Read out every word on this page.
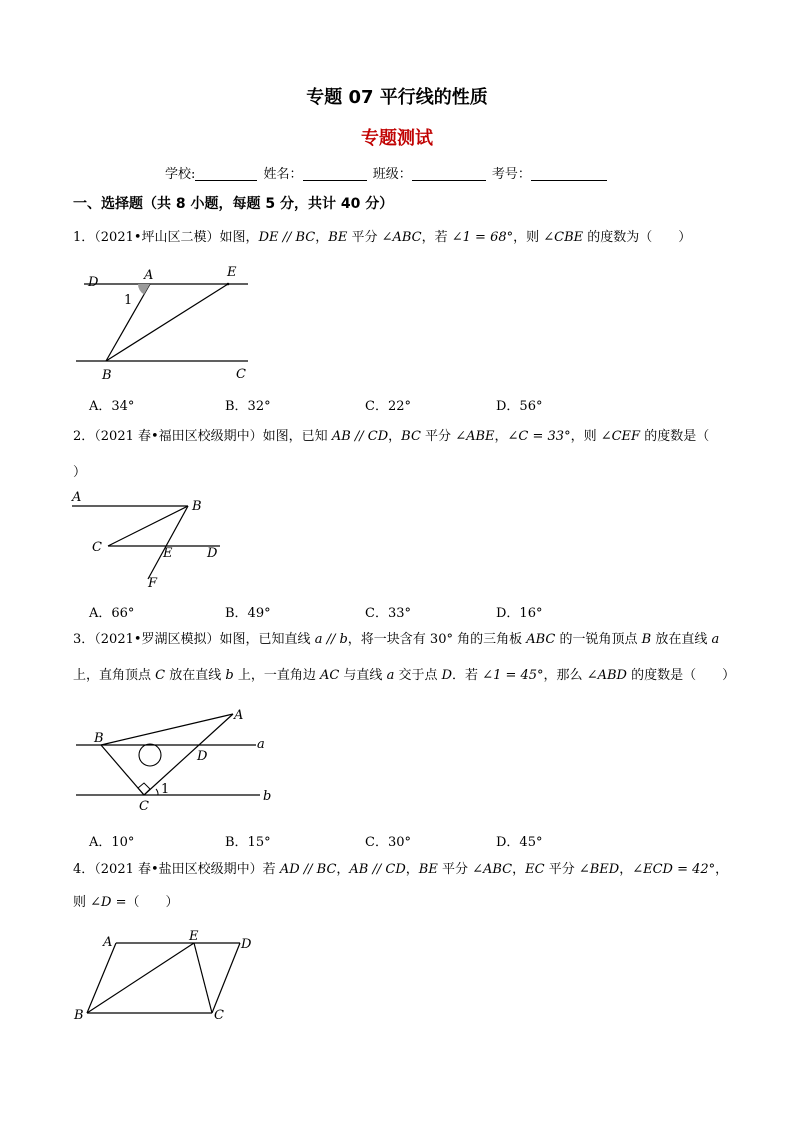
专题 07 平行线的性质
专题测试
学校:	姓名：	班级：	考号：
一、选择题（共 8 小题，每题 5 分，共计 40 分）
1．（2021•坪山区二模）如图，DE // BC，BE 平分 ∠ABC，若 ∠1 = 68°，则 ∠CBE 的度数为（　　）
D	A	E
1
B	C
A．34°	B．32°	C．22°	D．56°
2．（2021 春•福田区校级期中）如图，已知 AB // CD，BC 平分 ∠ABE，∠C = 33°，则 ∠CEF 的度数是（
）
A
B
C	E	D
F
A．66°	B．49°	C．33°	D．16°
3．（2021•罗湖区模拟）如图，已知直线 a // b，将一块含有 30° 角的三角板 ABC 的一锐角顶点 B 放在直线 a
上，直角顶点 C 放在直线 b 上，一直角边 AC 与直线 a 交于点 D．若 ∠1 = 45°，那么 ∠ABD 的度数是（　　）
A
B	a
D
C
1	b
A．10°	B．15°	C．30°	D．45°
4．（2021 春•盐田区校级期中）若 AD // BC，AB // CD，BE 平分 ∠ABC，EC 平分 ∠BED，∠ECD = 42°，
则 ∠D =（　　）
A	E
D
B	C
